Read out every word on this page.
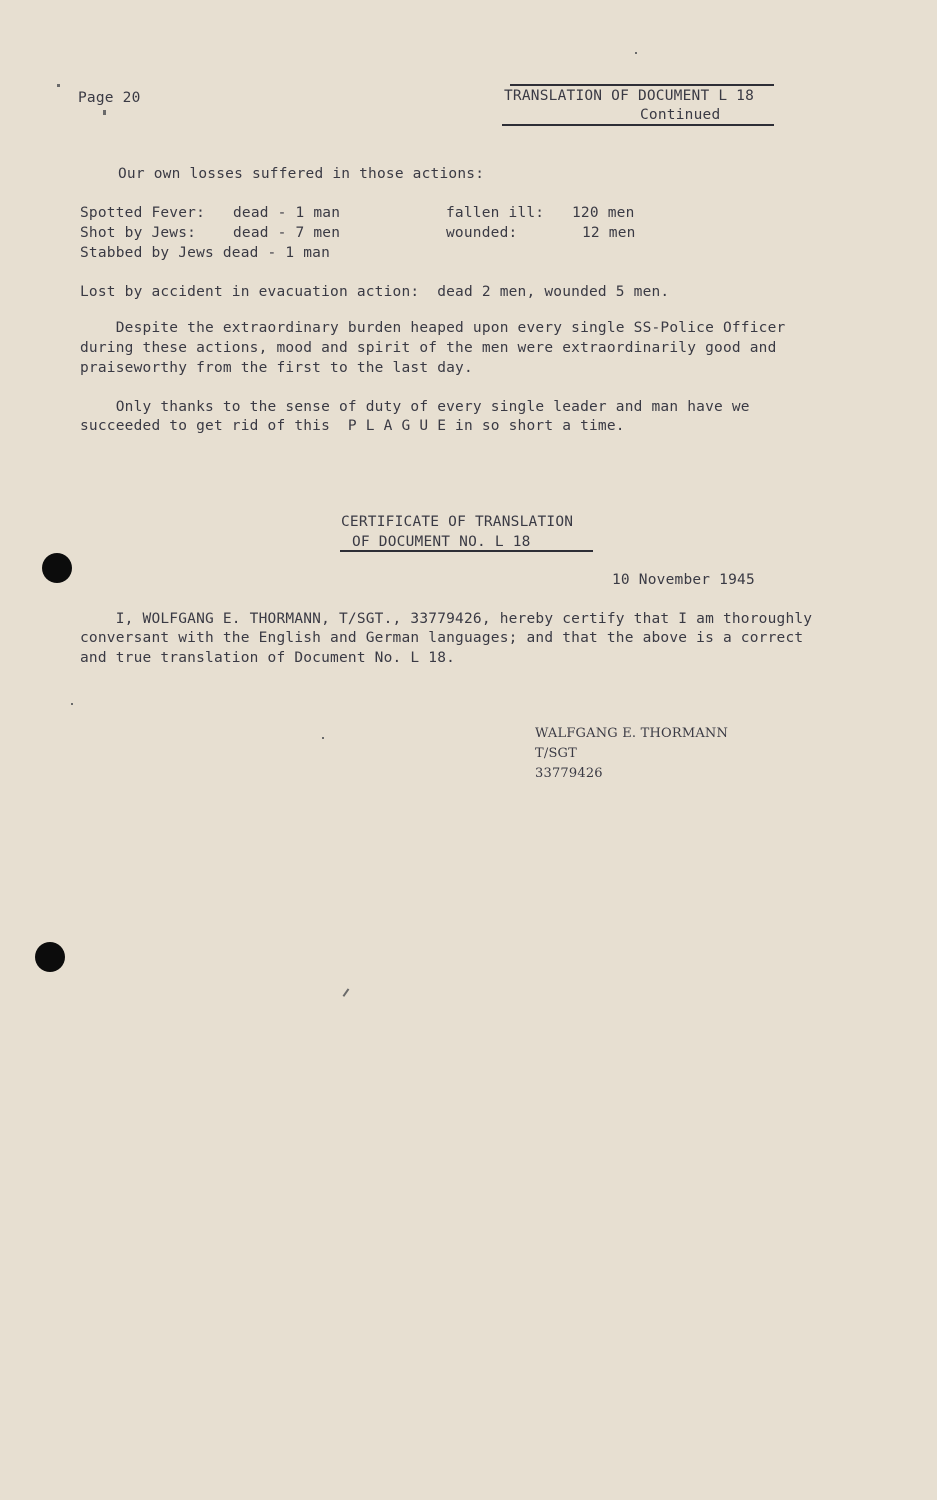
Page 20	TRANSLATION OF DOCUMENT L 18
Continued
Our own losses suffered in those actions:
Spotted Fever: dead - 1 man	fallen ill: 120 men
Shot by Jews:	dead - 7 men	wounded:	12 men
Stabbed by Jews dead - 1 man
Lost by accident in evacuation action:  dead 2 men, wounded 5 men.
Despite the extraordinary burden heaped upon every single SS-Police Officer
during these actions, mood and spirit of the men were extraordinarily good and
praiseworthy from the first to the last day.
Only thanks to the sense of duty of every single leader and man have we
succeeded to get rid of this  P L A G U E in so short a time.
CERTIFICATE OF TRANSLATION
OF DOCUMENT NO. L 18
10 November 1945
I, WOLFGANG E. THORMANN, T/SGT., 33779426, hereby certify that I am thoroughly
conversant with the English and German languages; and that the above is a correct
and true translation of Document No. L 18.
WALFGANG E. THORMANN
T/SGT
33779426
